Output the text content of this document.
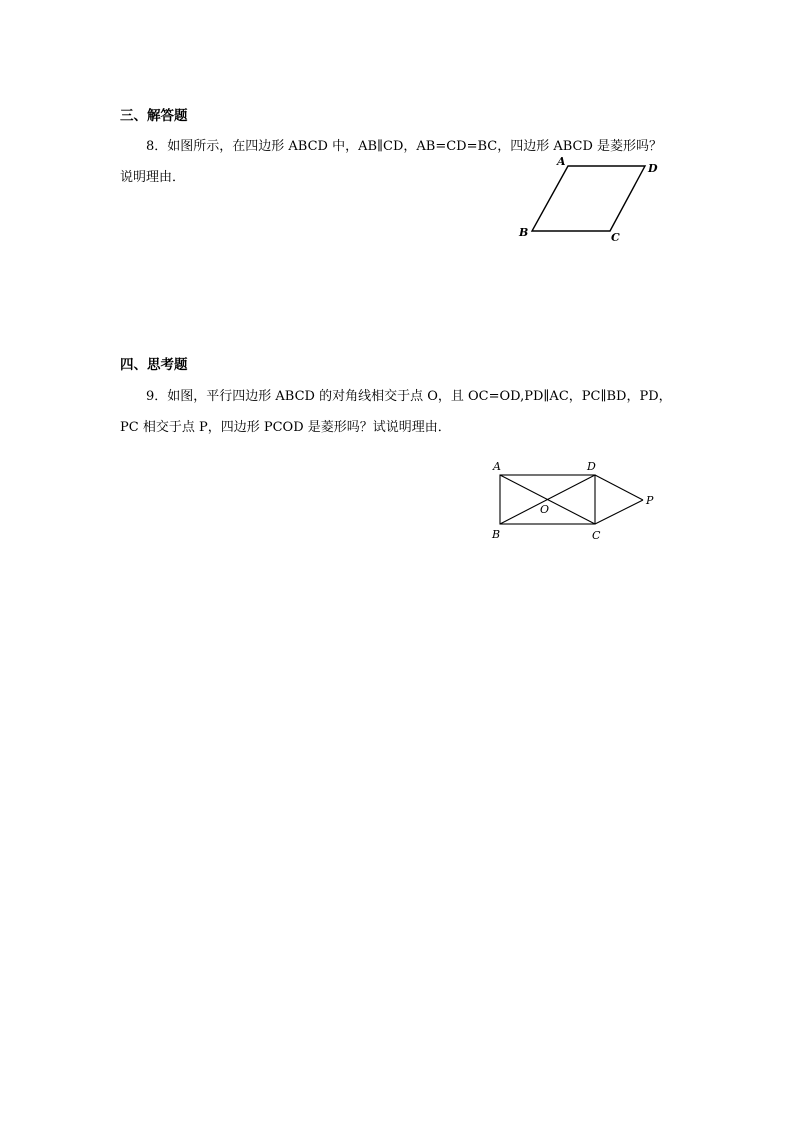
三、解答题
8．如图所示，在四边形 ABCD 中，AB∥CD，AB=CD=BC，四边形 ABCD 是菱形吗？
说明理由．
A
D
B	C
四、思考题
9．如图，平行四边形 ABCD 的对角线相交于点 O，且 OC=OD,PD∥AC，PC∥BD，PD，
PC 相交于点 P，四边形 PCOD 是菱形吗？试说明理由．
A	D
O
P
B	C
